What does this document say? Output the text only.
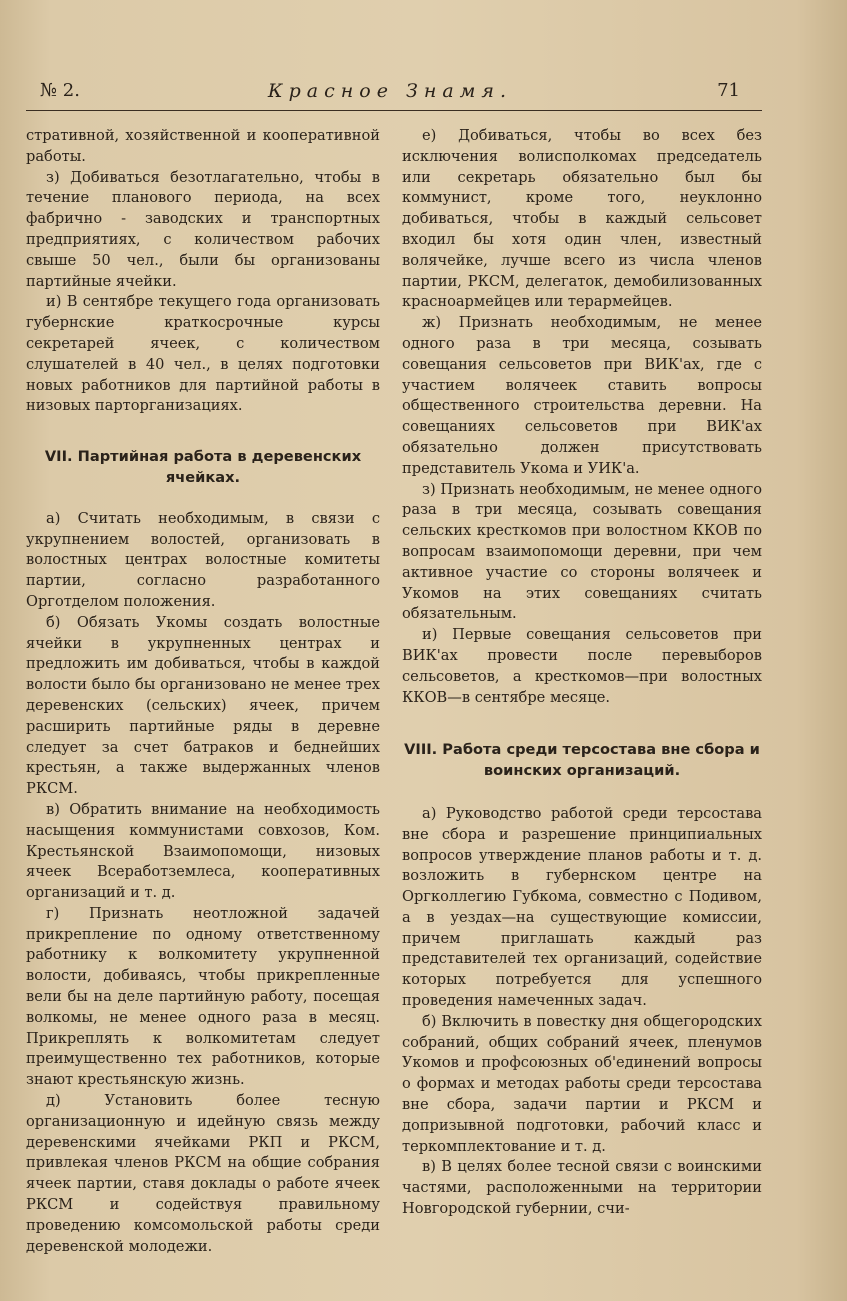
№ 2.	Красное Знамя.	71

стративной, хозяйственной и кооперативной работы.

з) Добиваться безотлагательно, чтобы в течение планового периода, на всех фабрично - заводских и транспортных предприятиях, с количеством рабочих свыше 50 чел., были бы организованы партийные ячейки.

и) В сентябре текущего года организовать губернские краткосрочные курсы секретарей ячеек, с количеством слушателей в 40 чел., в целях подготовки новых работников для партийной работы в низовых парторганизациях.

VII. Партийная работа в деревенских ячейках.

а) Считать необходимым, в связи с укрупнением волостей, организовать в волостных центрах волостные комитеты партии, согласно разработанного Орготделом положения.

б) Обязать Укомы создать волостные ячейки в укрупненных центрах и предложить им добиваться, чтобы в каждой волости было бы организовано не менее трех деревенских (сельских) ячеек, причем расширить партийные ряды в деревне следует за счет батраков и беднейших крестьян, а также выдержанных членов РКСМ.

в) Обратить внимание на необходимость насыщения коммунистами совхозов, Ком. Крестьянской Взаимопомощи, низовых ячеек Всеработземлеса, кооперативных организаций и т. д.

г) Признать неотложной задачей прикрепление по одному ответственному работнику к волкомитету укрупненной волости, добиваясь, чтобы прикрепленные вели бы на деле партийную работу, посещая волкомы, не менее одного раза в месяц. Прикреплять к волкомитетам следует преимущественно тех работников, которые знают крестьянскую жизнь.

д) Установить более тесную организационную и идейную связь между деревенскими ячейками РКП и РКСМ, привлекая членов РКСМ на общие собрания ячеек партии, ставя доклады о работе ячеек РКСМ и содействуя правильному проведению комсомольской работы среди деревенской молодежи.

е) Добиваться, чтобы во всех без исключения волисполкомах председатель или секретарь обязательно был бы коммунист, кроме того, неуклонно добиваться, чтобы в каждый сельсовет входил бы хотя один член, известный волячейке, лучше всего из числа членов партии, РКСМ, делегаток, демобилизованных красноармейцев или терармейцев.

ж) Признать необходимым, не менее одного раза в три месяца, созывать совещания сельсоветов при ВИК'ах, где с участием волячеек ставить вопросы общественного строительства деревни. На совещаниях сельсоветов при ВИК'ах обязательно должен присутствовать представитель Укома и УИК'а.

з) Признать необходимым, не менее одного раза в три месяца, созывать совещания сельских кресткомов при волостном ККОВ по вопросам взаимопомощи деревни, при чем активное участие со стороны волячеек и Укомов на этих совещаниях считать обязательным.

и) Первые совещания сельсоветов при ВИК'ах провести после перевыборов сельсоветов, а кресткомов—при волостных ККОВ—в сентябре месяце.

VIII. Работа среди терсостава вне сбора и воинских организаций.

а) Руководство работой среди терсостава вне сбора и разрешение принципиальных вопросов утверждение планов работы и т. д. возложить в губернском центре на Оргколлегию Губкома, совместно с Подивом, а в уездах—на существующие комиссии, причем приглашать каждый раз представителей тех организаций, содействие которых потребуется для успешного проведения намеченных задач.

б) Включить в повестку дня общегородских собраний, общих собраний ячеек, пленумов Укомов и профсоюзных об'единений вопросы о формах и методах работы среди терсостава вне сбора, задачи партии и РКСМ и допризывной подготовки, рабочий класс и теркомплектование и т. д.

в) В целях более тесной связи с воинскими частями, расположенными на территории Новгородской губернии, счи-
